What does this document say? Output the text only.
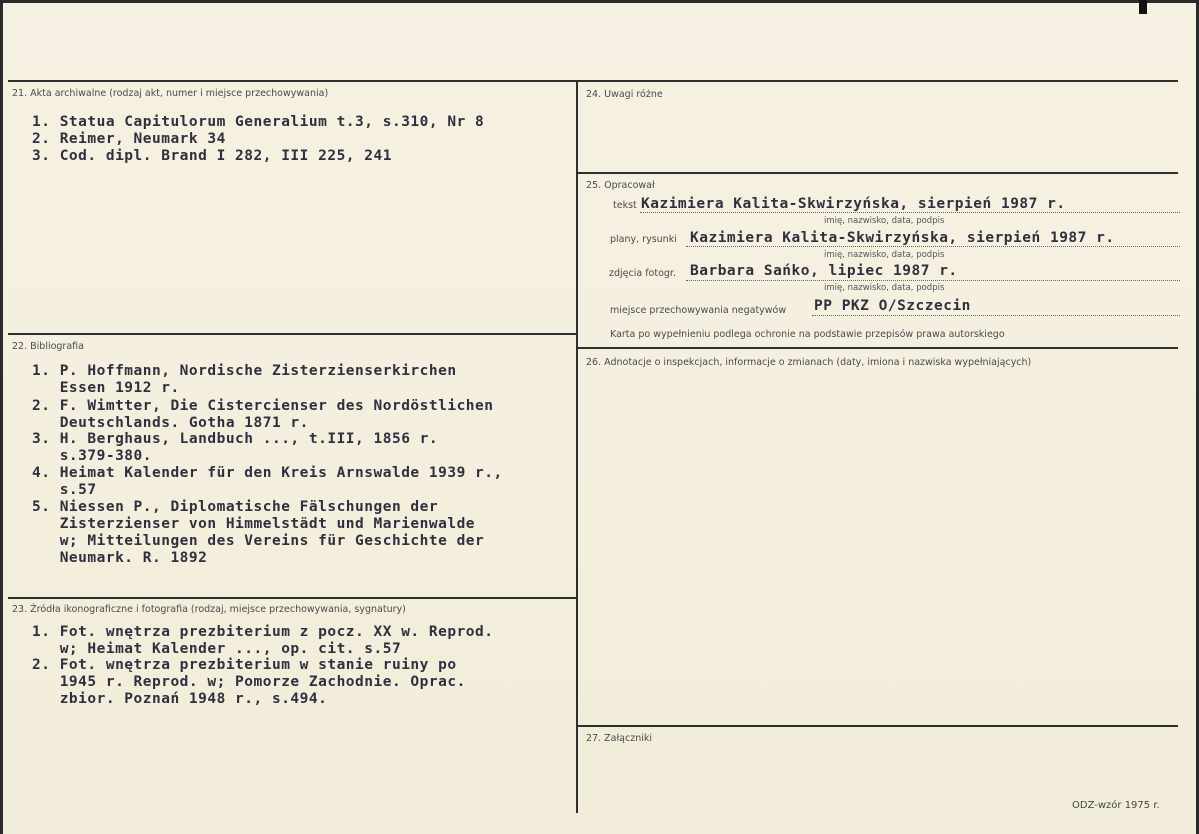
21. Akta archiwalne (rodzaj akt, numer i miejsce przechowywania)
1. Statua Capitulorum Generalium t.3, s.310, Nr 8
2. Reimer, Neumark 34
3. Cod. dipl. Brand I 282, III 225, 241
22. Bibliografia
1. P. Hoffmann, Nordische Zisterzienserkirchen
Essen 1912 r.
2. F. Wimtter, Die Cistercienser des Nordöstlichen
Deutschlands. Gotha 1871 r.
3. H. Berghaus, Landbuch ..., t.III, 1856 r.
s.379-380.
4. Heimat Kalender für den Kreis Arnswalde 1939 r.,
s.57
5. Niessen P., Diplomatische Fälschungen der
Zisterzienser von Himmelstädt und Marienwalde
w; Mitteilungen des Vereins für Geschichte der
Neumark. R. 1892
23. Źródła ikonograficzne i fotografia (rodzaj, miejsce przechowywania, sygnatury)
1. Fot. wnętrza prezbiterium z pocz. XX w. Reprod.
w; Heimat Kalender ..., op. cit. s.57
2. Fot. wnętrza prezbiterium w stanie ruiny po
1945 r. Reprod. w; Pomorze Zachodnie. Oprac.
zbior. Poznań 1948 r., s.494.
24. Uwagi różne
25. Opracował
tekst Kazimiera Kalita-Skwirzyńska, sierpień 1987 r.
imię, nazwisko, data, podpis
plany, rysunki Kazimiera Kalita-Skwirzyńska, sierpień 1987 r.
imię, nazwisko, data, podpis
zdjęcia fotogr. Barbara Sańko, lipiec 1987 r.
imię, nazwisko, data, podpis
miejsce przechowywania negatywów PP PKZ O/Szczecin
Karta po wypełnieniu podlega ochronie na podstawie przepisów prawa autorskiego
26. Adnotacje o inspekcjach, informacje o zmianach (daty, imiona i nazwiska wypełniających)
27. Załączniki
ODZ-wzór 1975 r.
